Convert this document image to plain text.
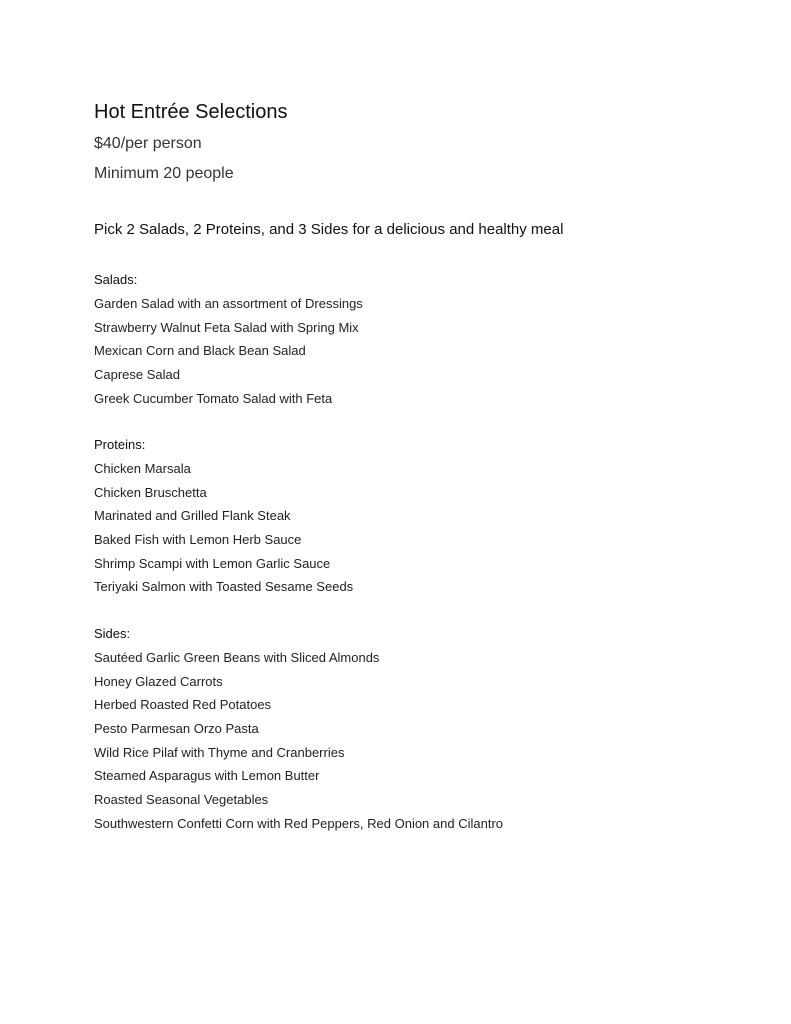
Hot Entrée Selections
$40/per person
Minimum 20 people
Pick 2 Salads, 2 Proteins, and 3 Sides for a delicious and healthy meal
Salads:
Garden Salad with an assortment of Dressings
Strawberry Walnut Feta Salad with Spring Mix
Mexican Corn and Black Bean Salad
Caprese Salad
Greek Cucumber Tomato Salad with Feta
Proteins:
Chicken Marsala
Chicken Bruschetta
Marinated and Grilled Flank Steak
Baked Fish with Lemon Herb Sauce
Shrimp Scampi with Lemon Garlic Sauce
Teriyaki Salmon with Toasted Sesame Seeds
Sides:
Sautéed Garlic Green Beans with Sliced Almonds
Honey Glazed Carrots
Herbed Roasted Red Potatoes
Pesto Parmesan Orzo Pasta
Wild Rice Pilaf with Thyme and Cranberries
Steamed Asparagus with Lemon Butter
Roasted Seasonal Vegetables
Southwestern Confetti Corn with Red Peppers, Red Onion and Cilantro
